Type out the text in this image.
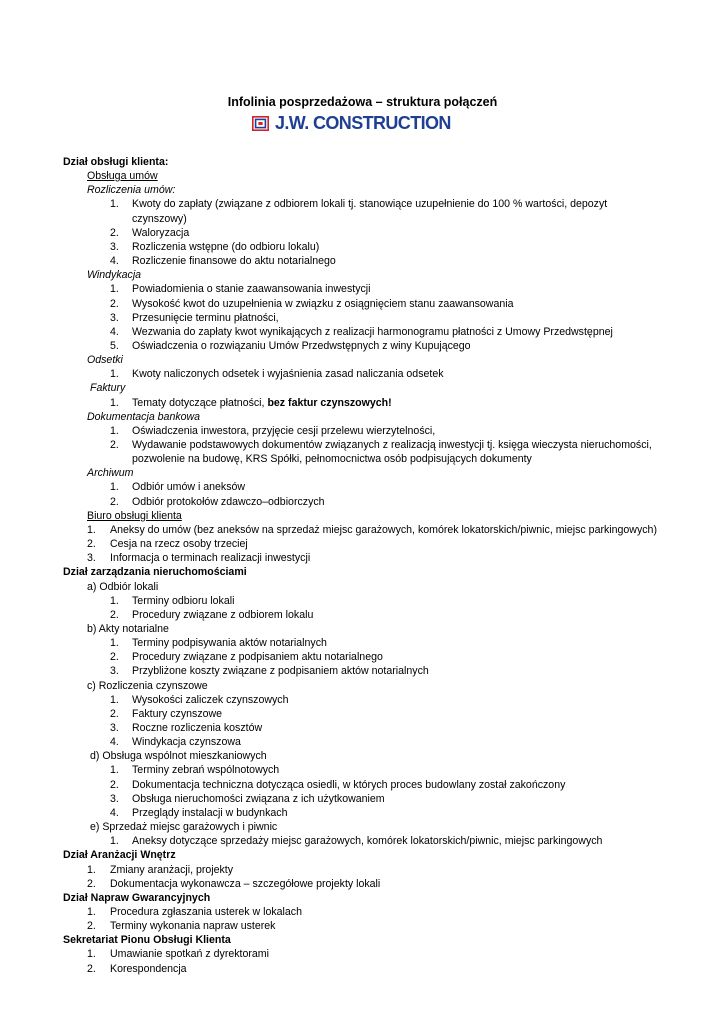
Infolinia posprzedażowa – struktura połączeń
J.W. CONSTRUCTION
Dział obsługi klienta:
Obsługa umów
Rozliczenia umów:
1. Kwoty do zapłaty (związane z odbiorem lokali tj. stanowiące uzupełnienie do 100 % wartości, depozyt
czynszowy)
2. Waloryzacja
3. Rozliczenia wstępne (do odbioru lokalu)
4. Rozliczenie finansowe do aktu notarialnego
Windykacja
1. Powiadomienia o stanie zaawansowania inwestycji
2. Wysokość kwot do uzupełnienia w związku z osiągnięciem stanu zaawansowania
3. Przesunięcie terminu płatności,
4. Wezwania do zapłaty kwot wynikających z realizacji harmonogramu płatności z Umowy Przedwstępnej
5. Oświadczenia o rozwiązaniu Umów Przedwstępnych z winy Kupującego
Odsetki
1. Kwoty naliczonych odsetek i wyjaśnienia zasad naliczania odsetek
Faktury
1. Tematy dotyczące płatności, bez faktur czynszowych!
Dokumentacja bankowa
1. Oświadczenia inwestora, przyjęcie cesji przelewu wierzytelności,
2. Wydawanie podstawowych dokumentów związanych z realizacją inwestycji tj. księga wieczysta nieruchomości,
pozwolenie na budowę, KRS Spółki, pełnomocnictwa osób podpisujących dokumenty
Archiwum
1. Odbiór umów i aneksów
2. Odbiór protokołów zdawczo–odbiorczych
Biuro obsługi klienta
1. Aneksy do umów (bez aneksów na sprzedaż miejsc garażowych, komórek lokatorskich/piwnic, miejsc parkingowych)
2. Cesja na rzecz osoby trzeciej
3. Informacja o terminach realizacji inwestycji
Dział zarządzania nieruchomościami
a) Odbiór lokali
1. Terminy odbioru lokali
2. Procedury związane z odbiorem lokalu
b) Akty notarialne
1. Terminy podpisywania aktów notarialnych
2. Procedury związane z podpisaniem aktu notarialnego
3. Przybliżone koszty związane z podpisaniem aktów notarialnych
c) Rozliczenia czynszowe
1. Wysokości zaliczek czynszowych
2. Faktury czynszowe
3. Roczne rozliczenia kosztów
4. Windykacja czynszowa
d) Obsługa wspólnot mieszkaniowych
1. Terminy zebrań wspólnotowych
2. Dokumentacja techniczna dotycząca osiedli, w których proces budowlany został zakończony
3. Obsługa nieruchomości związana z ich użytkowaniem
4. Przeglądy instalacji w budynkach
e) Sprzedaż miejsc garażowych i piwnic
1. Aneksy dotyczące sprzedaży miejsc garażowych, komórek lokatorskich/piwnic, miejsc parkingowych
Dział Aranżacji Wnętrz
1. Zmiany aranżacji, projekty
2. Dokumentacja wykonawcza – szczegółowe projekty lokali
Dział Napraw Gwarancyjnych
1. Procedura zgłaszania usterek w lokalach
2. Terminy wykonania napraw usterek
Sekretariat Pionu Obsługi Klienta
1. Umawianie spotkań z dyrektorami
2. Korespondencja
